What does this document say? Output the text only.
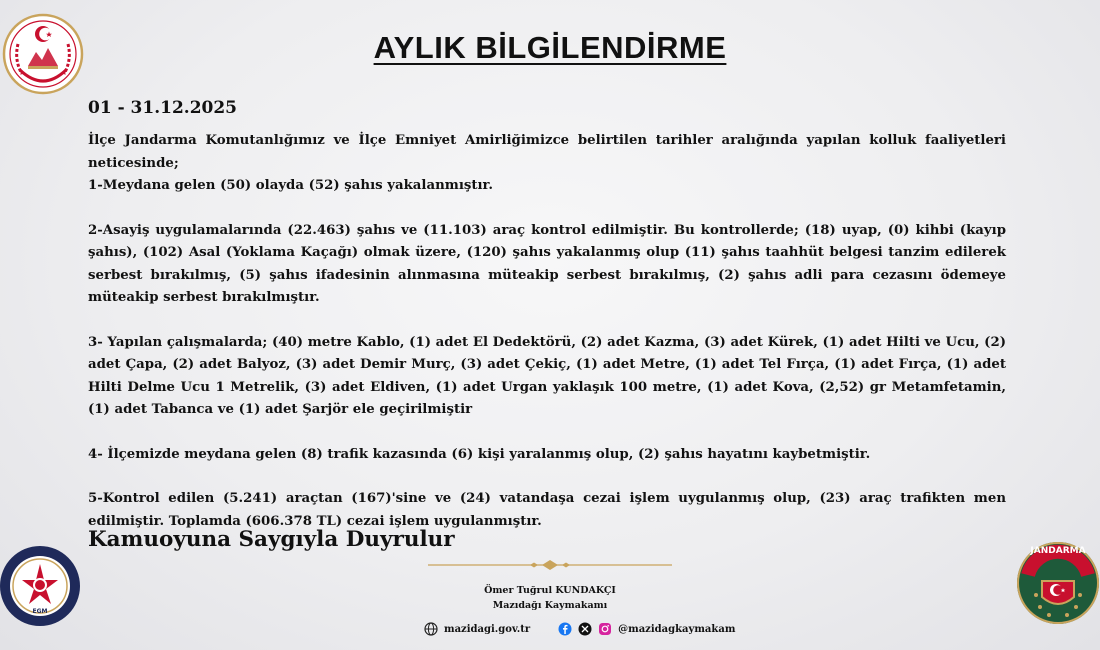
EGM
JANDARMA
AYLIK BİLGİLENDİRME
01 - 31.12.2025

İlçe Jandarma Komutanlığımız ve İlçe Emniyet Amirliğimizce belirtilen tarihler aralığında yapılan kolluk faaliyetleri neticesinde;

1-Meydana gelen (50) olayda (52) şahıs yakalanmıştır.

2-Asayiş uygulamalarında (22.463) şahıs ve (11.103) araç kontrol edilmiştir. Bu kontrollerde; (18) uyap, (0) kihbi (kayıp şahıs), (102) Asal (Yoklama Kaçağı) olmak üzere, (120) şahıs yakalanmış olup (11) şahıs taahhüt belgesi tanzim edilerek serbest bırakılmış, (5) şahıs ifadesinin alınmasına müteakip serbest bırakılmış, (2) şahıs adli para cezasını ödemeye müteakip serbest bırakılmıştır.

3- Yapılan çalışmalarda; (40) metre Kablo, (1) adet El Dedektörü, (2) adet Kazma, (3) adet Kürek, (1) adet Hilti ve Ucu, (2) adet Çapa, (2) adet Balyoz, (3) adet Demir Murç, (3) adet Çekiç, (1) adet Metre, (1) adet Tel Fırça, (1) adet Fırça, (1) adet Hilti Delme Ucu 1 Metrelik, (3) adet Eldiven, (1) adet Urgan yaklaşık 100 metre, (1) adet Kova, (2,52) gr Metamfetamin, (1) adet Tabanca ve (1) adet Şarjör ele geçirilmiştir

4- İlçemizde meydana gelen (8) trafik kazasında (6) kişi yaralanmış olup, (2) şahıs hayatını kaybetmiştir.

5-Kontrol edilen (5.241) araçtan (167)'sine ve (24) vatandaşa cezai işlem uygulanmış olup, (23) araç trafikten men edilmiştir. Toplamda (606.378 TL) cezai işlem uygulanmıştır.

Kamuoyuna Saygıyla Duyrulur
Ömer Tuğrul KUNDAKÇI
Mazıdağı Kaymakamı
mazidagi.gov.tr	@mazidagkaymakam
